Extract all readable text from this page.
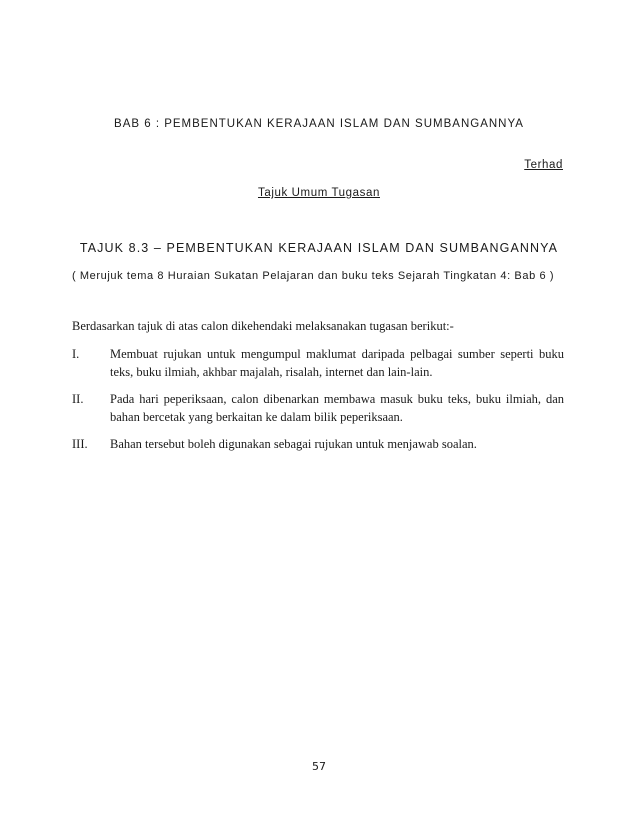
BAB 6 : PEMBENTUKAN KERAJAAN ISLAM DAN SUMBANGANNYA
Terhad
Tajuk Umum Tugasan
TAJUK 8.3 – PEMBENTUKAN KERAJAAN ISLAM DAN SUMBANGANNYA
( Merujuk tema 8 Huraian Sukatan Pelajaran dan buku teks Sejarah Tingkatan 4: Bab 6 )
Berdasarkan tajuk di atas calon dikehendaki melaksanakan tugasan berikut:-
I.	Membuat rujukan untuk mengumpul maklumat daripada pelbagai sumber seperti buku teks, buku ilmiah, akhbar majalah, risalah, internet dan lain-lain.
II.	Pada hari peperiksaan, calon dibenarkan membawa masuk buku teks, buku ilmiah, dan bahan bercetak yang berkaitan ke dalam bilik peperiksaan.
III.	Bahan tersebut boleh digunakan sebagai rujukan untuk menjawab soalan.
57
